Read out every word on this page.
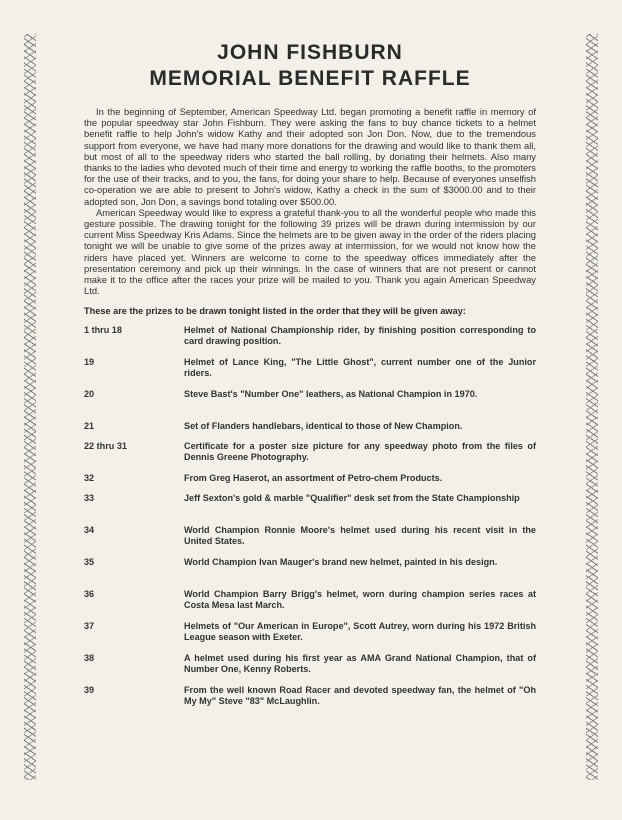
JOHN FISHBURN
MEMORIAL BENEFIT RAFFLE

In the beginning of September, American Speedway Ltd. began promoting a benefit raffle in memory of the popular speedway star John Fishburn. They were asking the fans to buy chance tickets to a helmet benefit raffle to help John's widow Kathy and their adopted son Jon Don. Now, due to the tremendous support from everyone, we have had many more donations for the drawing and would like to thank them all, but most of all to the speedway riders who started the ball rolling, by donating their helmets. Also many thanks to the ladies who devoted much of their time and energy to working the raffle booths, to the promoters for the use of their tracks, and to you, the fans, for doing your share to help. Because of everyones unselfish co-operation we are able to present to John's widow, Kathy a check in the sum of $3000.00 and to their adopted son, Jon Don, a savings bond totaling over $500.00.

American Speedway would like to express a grateful thank-you to all the wonderful people who made this gesture possible. The drawing tonight for the following 39 prizes will be drawn during intermission by our current Miss Speedway Kris Adams. Since the helmets are to be given away in the order of the riders placing tonight we will be unable to give some of the prizes away at intermission, for we would not know how the riders have placed yet. Winners are welcome to come to the speedway offices immediately after the presentation ceremony and pick up their winnings. In the case of winners that are not present or cannot make it to the office after the races your prize will be mailed to you. Thank you again American Speedway Ltd.

These are the prizes to be drawn tonight listed in the order that they will be given away:
1 thru 18	Helmet of National Championship rider, by finishing position corresponding to card drawing position.
19	Helmet of Lance King, "The Little Ghost", current number one of the Junior riders.
20	Steve Bast's "Number One" leathers, as National Champion in 1970.
21	Set of Flanders handlebars, identical to those of New Champion.
22 thru 31	Certificate for a poster size picture for any speedway photo from the files of Dennis Greene Photography.
32	From Greg Haserot, an assortment of Petro-chem Products.
33	Jeff Sexton's gold & marble "Qualifier" desk set from the State Championship
34	World Champion Ronnie Moore's helmet used during his recent visit in the United States.
35	World Champion Ivan Mauger's brand new helmet, painted in his design.
36	World Champion Barry Brigg's helmet, worn during champion series races at Costa Mesa last March.
37	Helmets of "Our American in Europe", Scott Autrey, worn during his 1972 British League season with Exeter.
38	A helmet used during his first year as AMA Grand National Champion, that of Number One, Kenny Roberts.
39	From the well known Road Racer and devoted speedway fan, the helmet of "Oh My My" Steve "83" McLaughlin.
